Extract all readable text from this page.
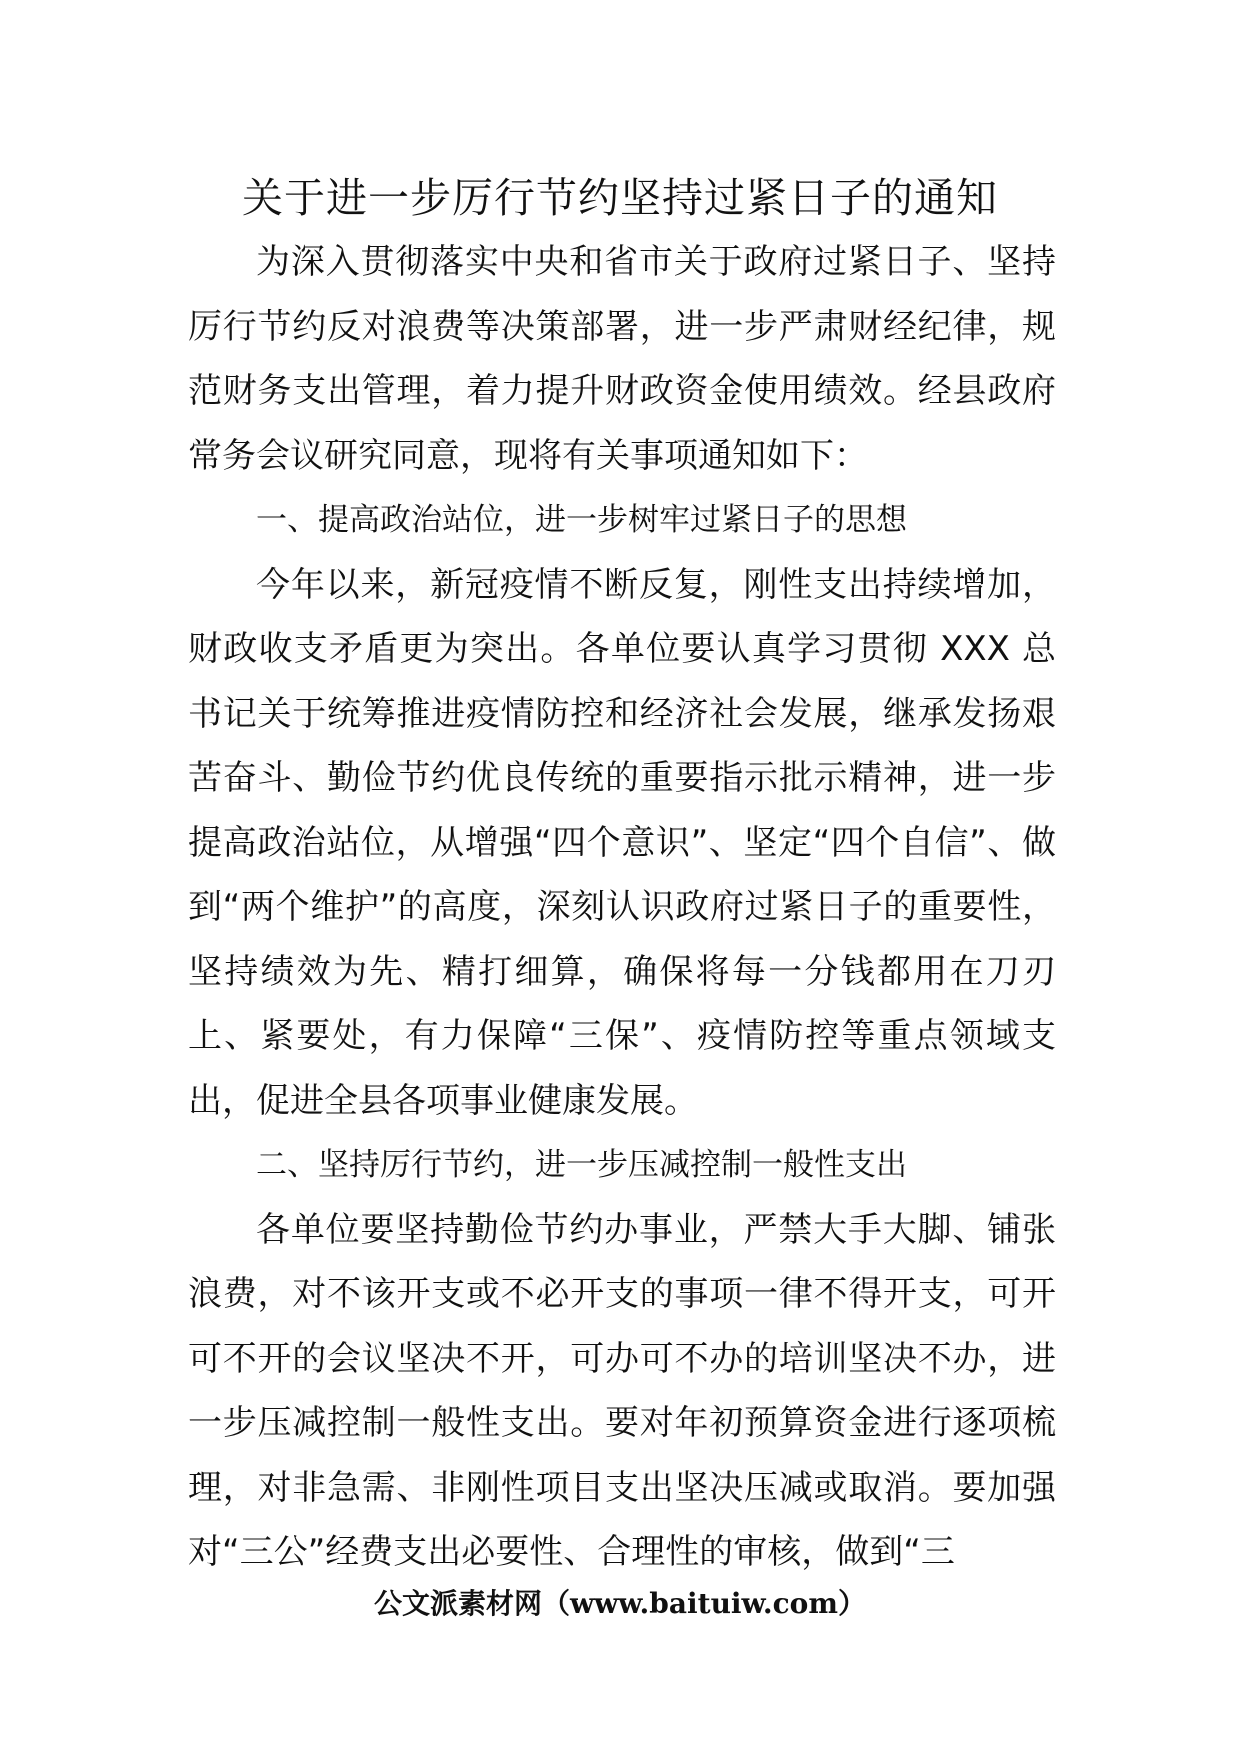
关于进一步厉行节约坚持过紧日子的通知

为深入贯彻落实中央和省市关于政府过紧日子、坚持厉行节约反对浪费等决策部署，进一步严肃财经纪律，规范财务支出管理，着力提升财政资金使用绩效。经县政府常务会议研究同意，现将有关事项通知如下：

一、提高政治站位，进一步树牢过紧日子的思想

今年以来，新冠疫情不断反复，刚性支出持续增加，财政收支矛盾更为突出。各单位要认真学习贯彻 XXX 总书记关于统筹推进疫情防控和经济社会发展，继承发扬艰苦奋斗、勤俭节约优良传统的重要指示批示精神，进一步提高政治站位，从增强“四个意识”、坚定“四个自信”、做到“两个维护”的高度，深刻认识政府过紧日子的重要性，坚持绩效为先、精打细算，确保将每一分钱都用在刀刃上、紧要处，有力保障“三保”、疫情防控等重点领域支出，促进全县各项事业健康发展。

二、坚持厉行节约，进一步压减控制一般性支出

各单位要坚持勤俭节约办事业，严禁大手大脚、铺张浪费，对不该开支或不必开支的事项一律不得开支，可开可不开的会议坚决不开，可办可不办的培训坚决不办，进一步压减控制一般性支出。要对年初预算资金进行逐项梳理，对非急需、非刚性项目支出坚决压减或取消。要加强对“三公”经费支出必要性、合理性的审核，做到“三

公文派素材网（www.baituiw.com）
